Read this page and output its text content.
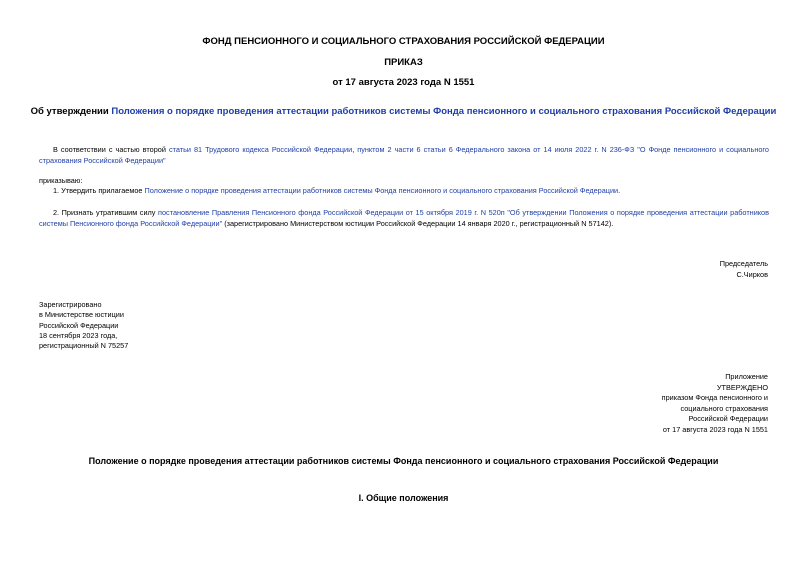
ФОНД ПЕНСИОННОГО И СОЦИАЛЬНОГО СТРАХОВАНИЯ РОССИЙСКОЙ ФЕДЕРАЦИИ
ПРИКАЗ
от 17 августа 2023 года N 1551
Об утверждении Положения о порядке проведения аттестации работников системы Фонда пенсионного и социального страхования Российской Федерации
В соответствии с частью второй статьи 81 Трудового кодекса Российской Федерации, пунктом 2 части 6 статьи 6 Федерального закона от 14 июля 2022 г. N 236-ФЗ "О Фонде пенсионного и социального страхования Российской Федерации"
приказываю:
1. Утвердить прилагаемое Положение о порядке проведения аттестации работников системы Фонда пенсионного и социального страхования Российской Федерации.
2. Признать утратившим силу постановление Правления Пенсионного фонда Российской Федерации от 15 октября 2019 г. N 520п "Об утверждении Положения о порядке проведения аттестации работников системы Пенсионного фонда Российской Федерации" (зарегистрировано Министерством юстиции Российской Федерации 14 января 2020 г., регистрационный N 57142).
Председатель
С.Чирков
Зарегистрировано
в Министерстве юстиции
Российской Федерации
18 сентября 2023 года,
регистрационный N 75257
Приложение
УТВЕРЖДЕНО
приказом Фонда пенсионного и
социального страхования
Российской Федерации
от 17 августа 2023 года N 1551
Положение о порядке проведения аттестации работников системы Фонда пенсионного и социального страхования Российской Федерации
I. Общие положения
